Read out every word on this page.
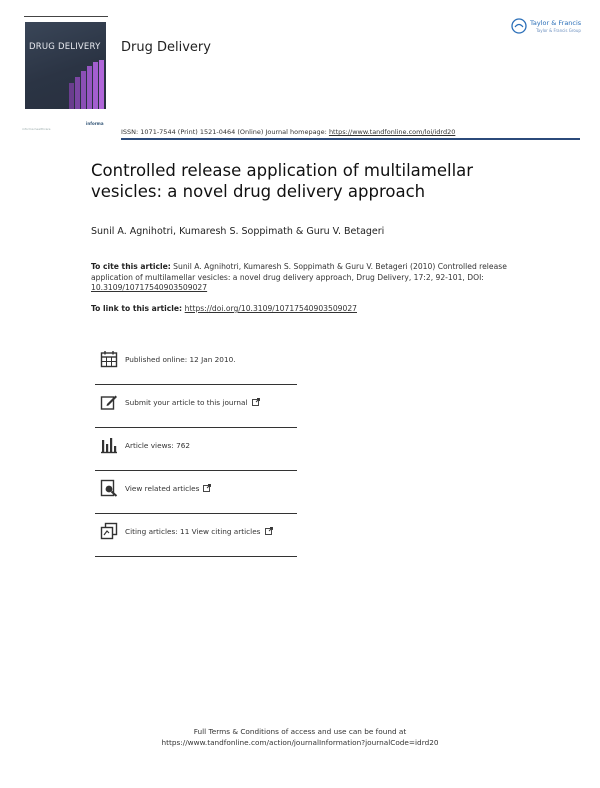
DRUG DELIVERY Drug Delivery
Taylor & Francis
Taylor & Francis Group
informa healthcare
informa
ISSN: 1071-7544 (Print) 1521-0464 (Online) Journal homepage: https://www.tandfonline.com/loi/idrd20
Controlled release application of multilamellar vesicles: a novel drug delivery approach
Sunil A. Agnihotri, Kumaresh S. Soppimath & Guru V. Betageri
To cite this article: Sunil A. Agnihotri, Kumaresh S. Soppimath & Guru V. Betageri (2010) Controlled release application of multilamellar vesicles: a novel drug delivery approach, Drug Delivery, 17:2, 92-101, DOI: 10.3109/10717540903509027
To link to this article: https://doi.org/10.3109/10717540903509027
Published online: 12 Jan 2010.
Submit your article to this journal
Article views: 762
View related articles
Citing articles: 11 View citing articles
Full Terms & Conditions of access and use can be found at
https://www.tandfonline.com/action/journalInformation?journalCode=idrd20
